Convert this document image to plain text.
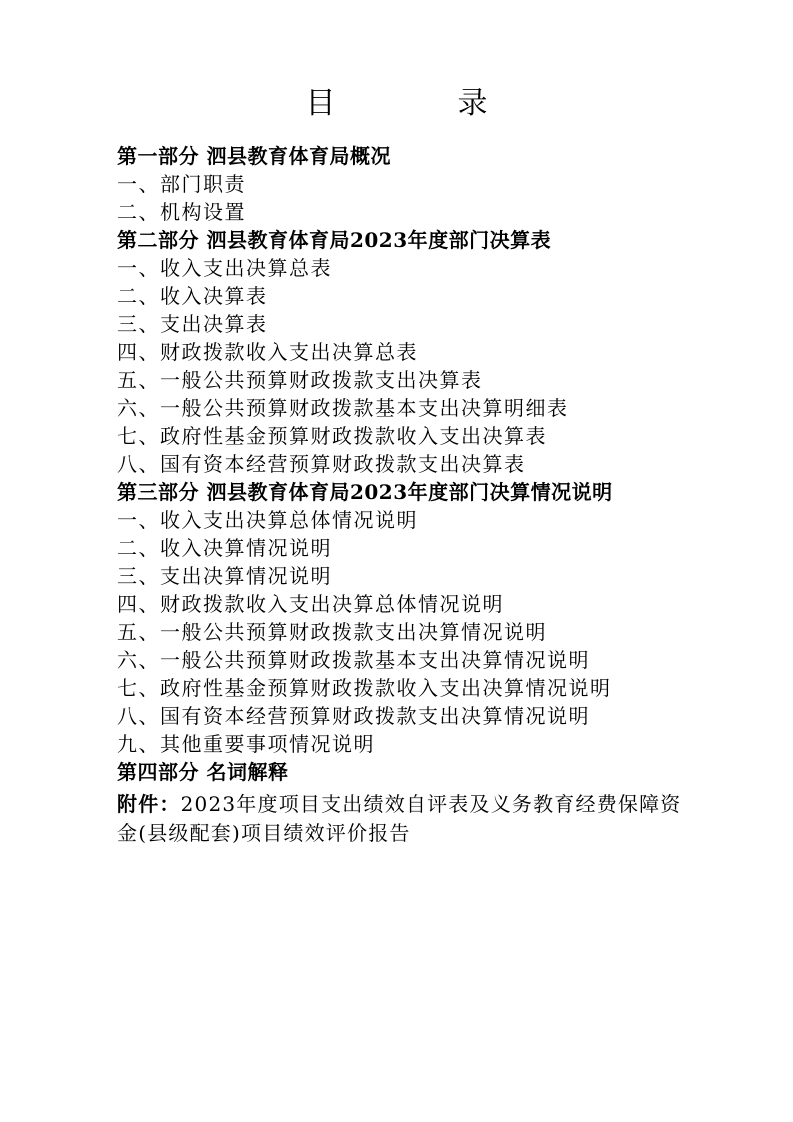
目　录
第一部分 泗县教育体育局概况
一、部门职责
二、机构设置
第二部分 泗县教育体育局2023年度部门决算表
一、收入支出决算总表
二、收入决算表
三、支出决算表
四、财政拨款收入支出决算总表
五、一般公共预算财政拨款支出决算表
六、一般公共预算财政拨款基本支出决算明细表
七、政府性基金预算财政拨款收入支出决算表
八、国有资本经营预算财政拨款支出决算表
第三部分 泗县教育体育局2023年度部门决算情况说明
一、收入支出决算总体情况说明
二、收入决算情况说明
三、支出决算情况说明
四、财政拨款收入支出决算总体情况说明
五、一般公共预算财政拨款支出决算情况说明
六、一般公共预算财政拨款基本支出决算情况说明
七、政府性基金预算财政拨款收入支出决算情况说明
八、国有资本经营预算财政拨款支出决算情况说明
九、其他重要事项情况说明
第四部分 名词解释
附件：2023年度项目支出绩效自评表及义务教育经费保障资金(县级配套)项目绩效评价报告
